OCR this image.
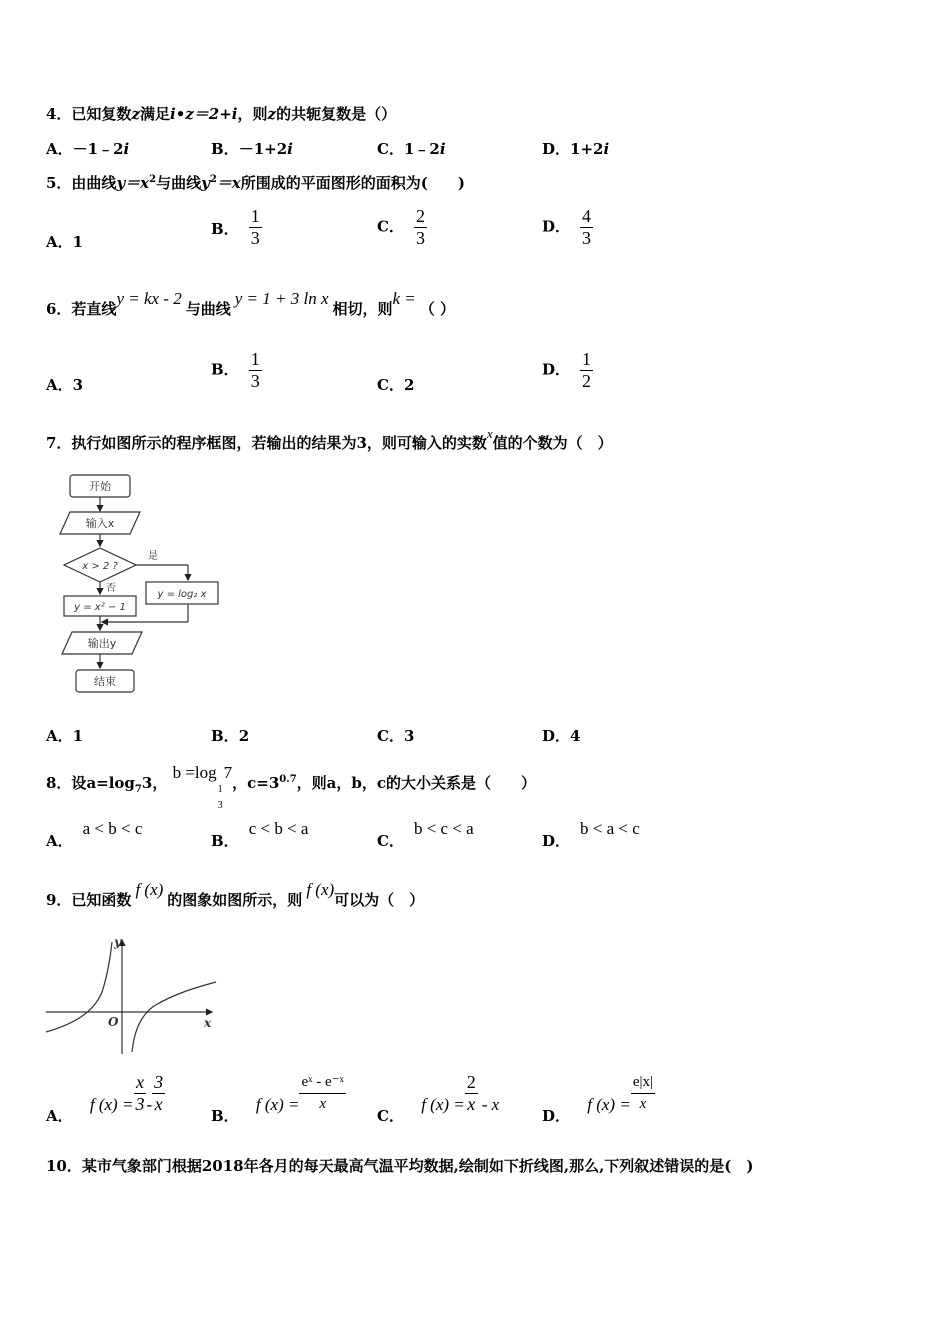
4．已知复数z满足i•z＝2+i，则z的共轭复数是（）
A．－1﹣2i	B．－1+2i	C．1﹣2i	D．1+2i
5．由曲线$y=x^2$与曲线$y^2=x$所围成的平面图形的面积为(　　)
A．1
B． $\frac{1}{3}$	C． $\frac{2}{3}$	D． $\frac{4}{3}$
6．若直线y = kx - 2与曲线y = 1 + 3 ln x相切，则k =（ ）
A．3
B． $\frac{1}{3}$	C．2
D． $\frac{1}{2}$
7．执行如图所示的程序框图，若输出的结果为3，则可输入的实数x值的个数为（　）
开始
输入x
x > 2 ?
是
否
y = x² − 1
y = log₂ x
输出y
结束
A．1	B．2	C．3	D．4
8．设$a=\log_73$， b =log
1
3
7，$c=3^{0.7}$，则a，b，c的大小关系是（　　）
A．a < b < c
B．c < b < a
C．b < c < a
D．b < a < c
9．已知函数f (x)的图象如图所示，则f (x)可以为（　）
y
x
O
A． f $(x) = \frac{x}{3} - \frac{3}{x}$
B． f $(x) = \frac{\text{eˣ - e⁻ˣ}}{x}$
C． f $(x) = \frac{2}{x} - x$
D． f $(x) = \frac{e|x|}{x}$
10．某市气象部门根据2018年各月的每天最高气温平均数据,绘制如下折线图,那么,下列叙述错误的是(　)
